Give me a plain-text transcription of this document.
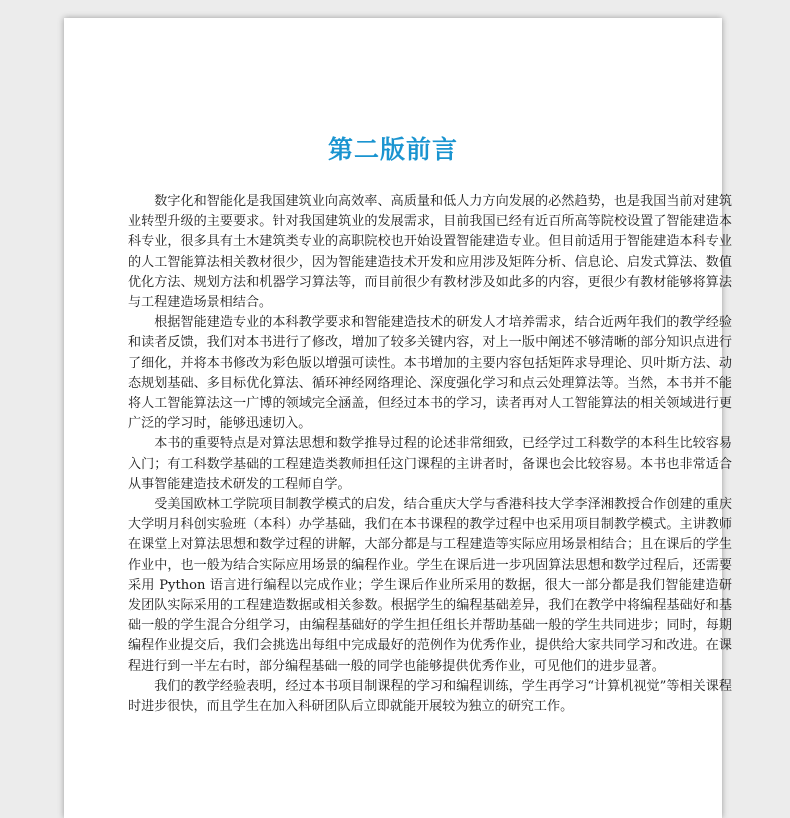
第二版前言

数字化和智能化是我国建筑业向高效率、高质量和低人力方向发展的必然趋势，也是我国当前对建筑业转型升级的主要要求。针对我国建筑业的发展需求，目前我国已经有近百所高等院校设置了智能建造本科专业，很多具有土木建筑类专业的高职院校也开始设置智能建造专业。但目前适用于智能建造本科专业的人工智能算法相关教材很少，因为智能建造技术开发和应用涉及矩阵分析、信息论、启发式算法、数值优化方法、规划方法和机器学习算法等，而目前很少有教材涉及如此多的内容，更很少有教材能够将算法与工程建造场景相结合。

根据智能建造专业的本科教学要求和智能建造技术的研发人才培养需求，结合近两年我们的教学经验和读者反馈，我们对本书进行了修改，增加了较多关键内容，对上一版中阐述不够清晰的部分知识点进行了细化，并将本书修改为彩色版以增强可读性。本书增加的主要内容包括矩阵求导理论、贝叶斯方法、动态规划基础、多目标优化算法、循环神经网络理论、深度强化学习和点云处理算法等。当然，本书并不能将人工智能算法这一广博的领域完全涵盖，但经过本书的学习，读者再对人工智能算法的相关领域进行更广泛的学习时，能够迅速切入。

本书的重要特点是对算法思想和数学推导过程的论述非常细致，已经学过工科数学的本科生比较容易入门；有工科数学基础的工程建造类教师担任这门课程的主讲者时，备课也会比较容易。本书也非常适合从事智能建造技术研发的工程师自学。

受美国欧林工学院项目制教学模式的启发，结合重庆大学与香港科技大学李泽湘教授合作创建的重庆大学明月科创实验班（本科）办学基础，我们在本书课程的教学过程中也采用项目制教学模式。主讲教师在课堂上对算法思想和数学过程的讲解，大部分都是与工程建造等实际应用场景相结合；且在课后的学生作业中，也一般为结合实际应用场景的编程作业。学生在课后进一步巩固算法思想和数学过程后，还需要采用 Python 语言进行编程以完成作业；学生课后作业所采用的数据，很大一部分都是我们智能建造研发团队实际采用的工程建造数据或相关参数。根据学生的编程基础差异，我们在教学中将编程基础好和基础一般的学生混合分组学习，由编程基础好的学生担任组长并帮助基础一般的学生共同进步；同时，每期编程作业提交后，我们会挑选出每组中完成最好的范例作为优秀作业，提供给大家共同学习和改进。在课程进行到一半左右时，部分编程基础一般的同学也能够提供优秀作业，可见他们的进步显著。

我们的教学经验表明，经过本书项目制课程的学习和编程训练，学生再学习“计算机视觉”等相关课程时进步很快，而且学生在加入科研团队后立即就能开展较为独立的研究工作。
